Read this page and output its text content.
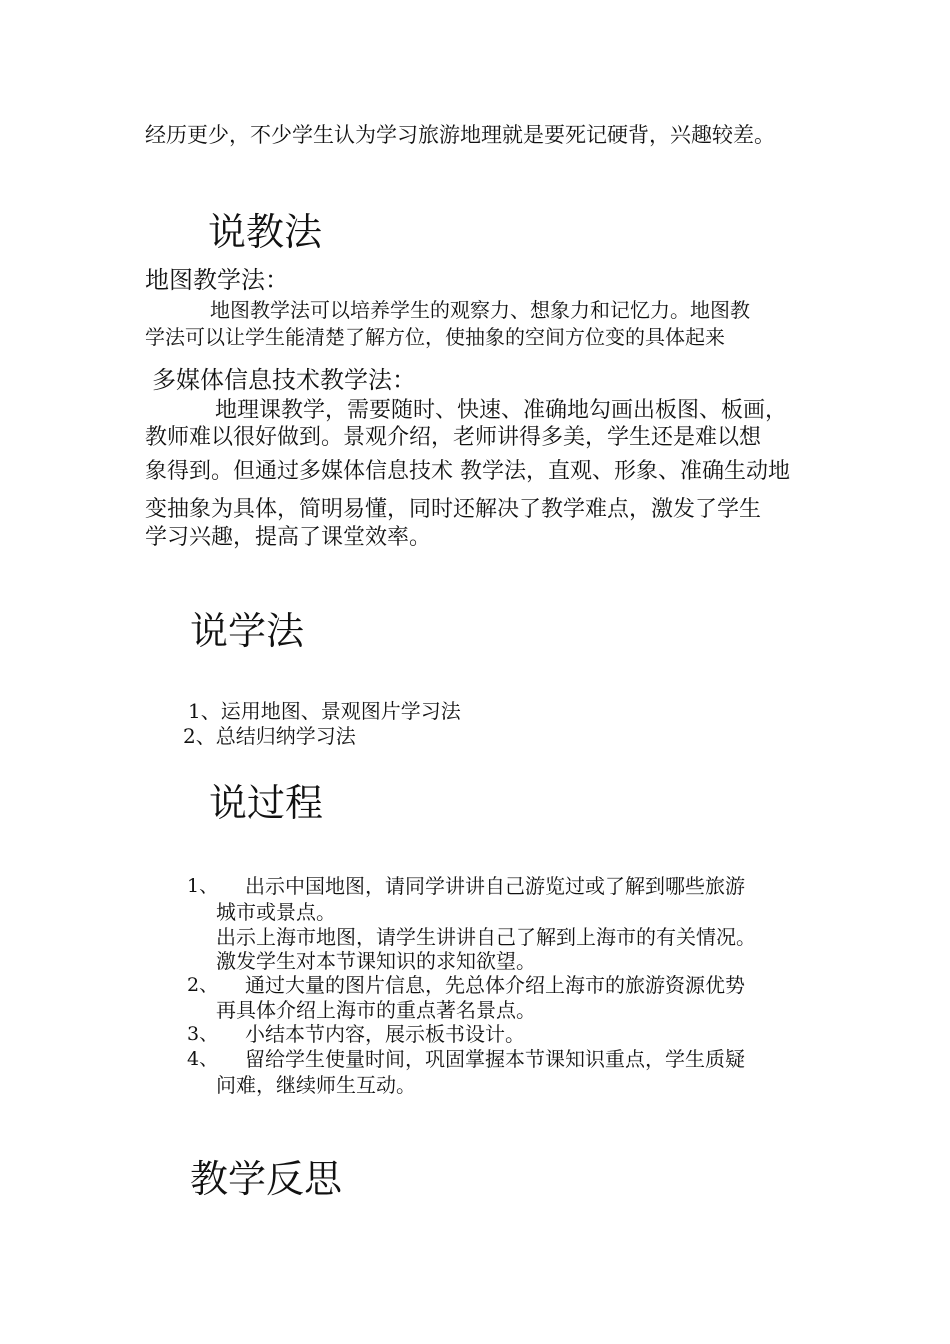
经历更少，不少学生认为学习旅游地理就是要死记硬背，兴趣较差。
说教法
地图教学法：
地图教学法可以培养学生的观察力、想象力和记忆力。地图教
学法可以让学生能清楚了解方位，使抽象的空间方位变的具体起来
多媒体信息技术教学法：
地理课教学，需要随时、快速、准确地勾画出板图、板画，
教师难以很好做到。景观介绍，老师讲得多美，学生还是难以想
象得到。但通过多媒体信息技术 教学法，直观、形象、准确生动地
变抽象为具体，简明易懂，同时还解决了教学难点，激发了学生
学习兴趣，提高了课堂效率。
说学法
1、运用地图、景观图片学习法
2、总结归纳学习法
说过程
1、 出示中国地图，请同学讲讲自己游览过或了解到哪些旅游
城市或景点。
出示上海市地图，请学生讲讲自己了解到上海市的有关情况。
激发学生对本节课知识的求知欲望。
2、 通过大量的图片信息，先总体介绍上海市的旅游资源优势
再具体介绍上海市的重点著名景点。
3、 小结本节内容，展示板书设计。
4、 留给学生使量时间，巩固掌握本节课知识重点，学生质疑
问难，继续师生互动。
教学反思
